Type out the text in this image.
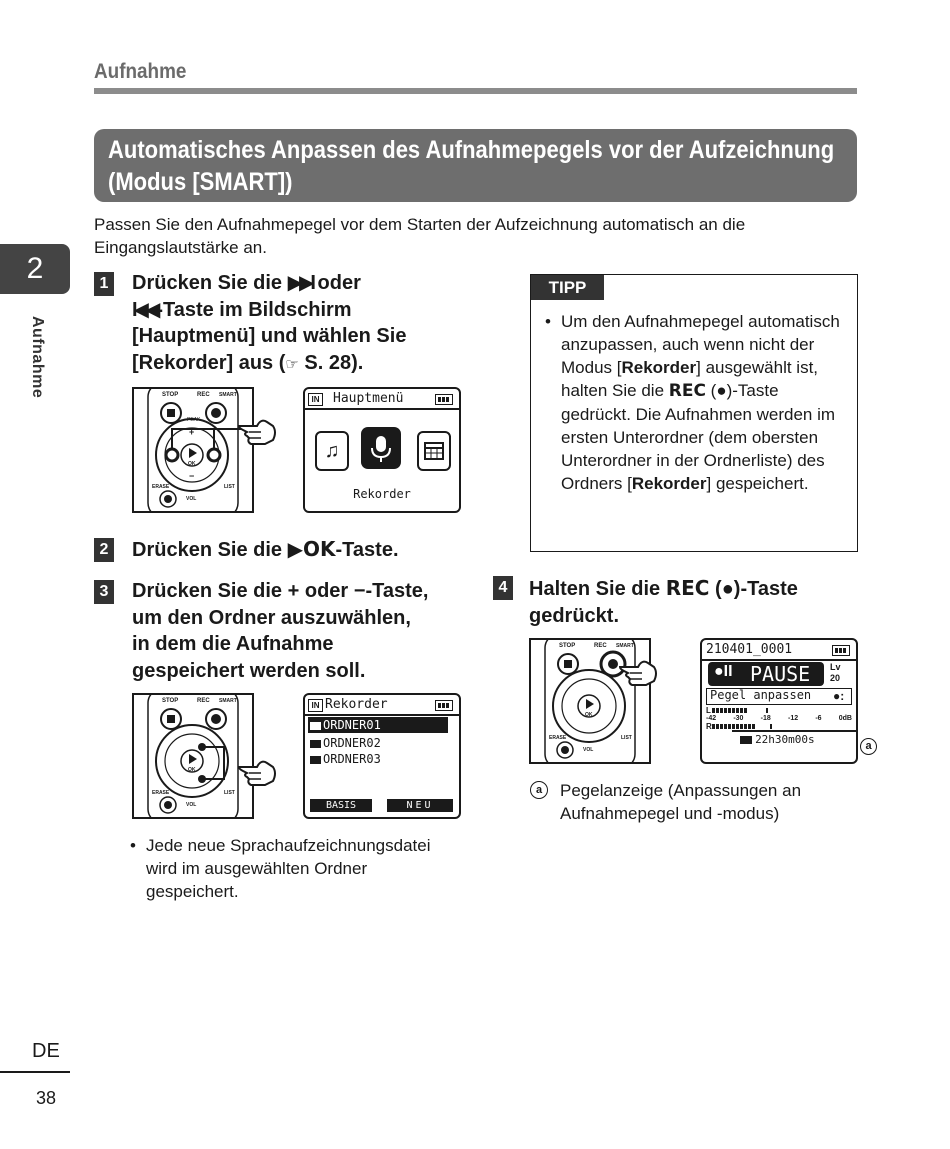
Aufnahme
Automatisches Anpassen des Aufnahmepegels vor der Aufzeichnung
(Modus [SMART])
Passen Sie den Aufnahmepegel vor dem Starten der Aufzeichnung automatisch an die Eingangslautstärke an.
2
Aufnahme
DE
38
1 Drücken Sie die ▶▶I oder
I◀◀-Taste im Bildschirm
[Hauptmenü] und wählen Sie
[Rekorder] aus (☞ S. 28).
STOP	REC SMART
PEAK
OK
+
−
ERASE
VOL
LIST
IN Hauptmenü
♫
Rekorder
2 Drücken Sie die ▶OK-Taste.
3 Drücken Sie die + oder −-Taste,
um den Ordner auszuwählen,
in dem die Aufnahme
gespeichert werden soll.
STOP	REC SMART
OK
ERASE
VOL
LIST
IN Rekorder
ORDNER01
ORDNER02
ORDNER03
BASIS	NEU
• Jede neue Sprachaufzeichnungsdatei wird im ausgewählten Ordner gespeichert.
TIPP
• Um den Aufnahmepegel automatisch anzupassen, auch wenn nicht der Modus [Rekorder] ausgewählt ist, halten Sie die REC (●)-Taste gedrückt. Die Aufnahmen werden im ersten Unterordner (dem obersten Unterordner in der Ordnerliste) des Ordners [Rekorder] gespeichert.
4 Halten Sie die REC (●)-Taste
gedrückt.
STOP	REC SMART
OK
ERASE
VOL
LIST
210401_0001
●II PAUSE Lv
20
Pegel anpassen ●:
L
-42 -30 -18 -12 -6 0dB
R
22h30m00s	a
a	Pegelanzeige (Anpassungen an Aufnahmepegel und -modus)
